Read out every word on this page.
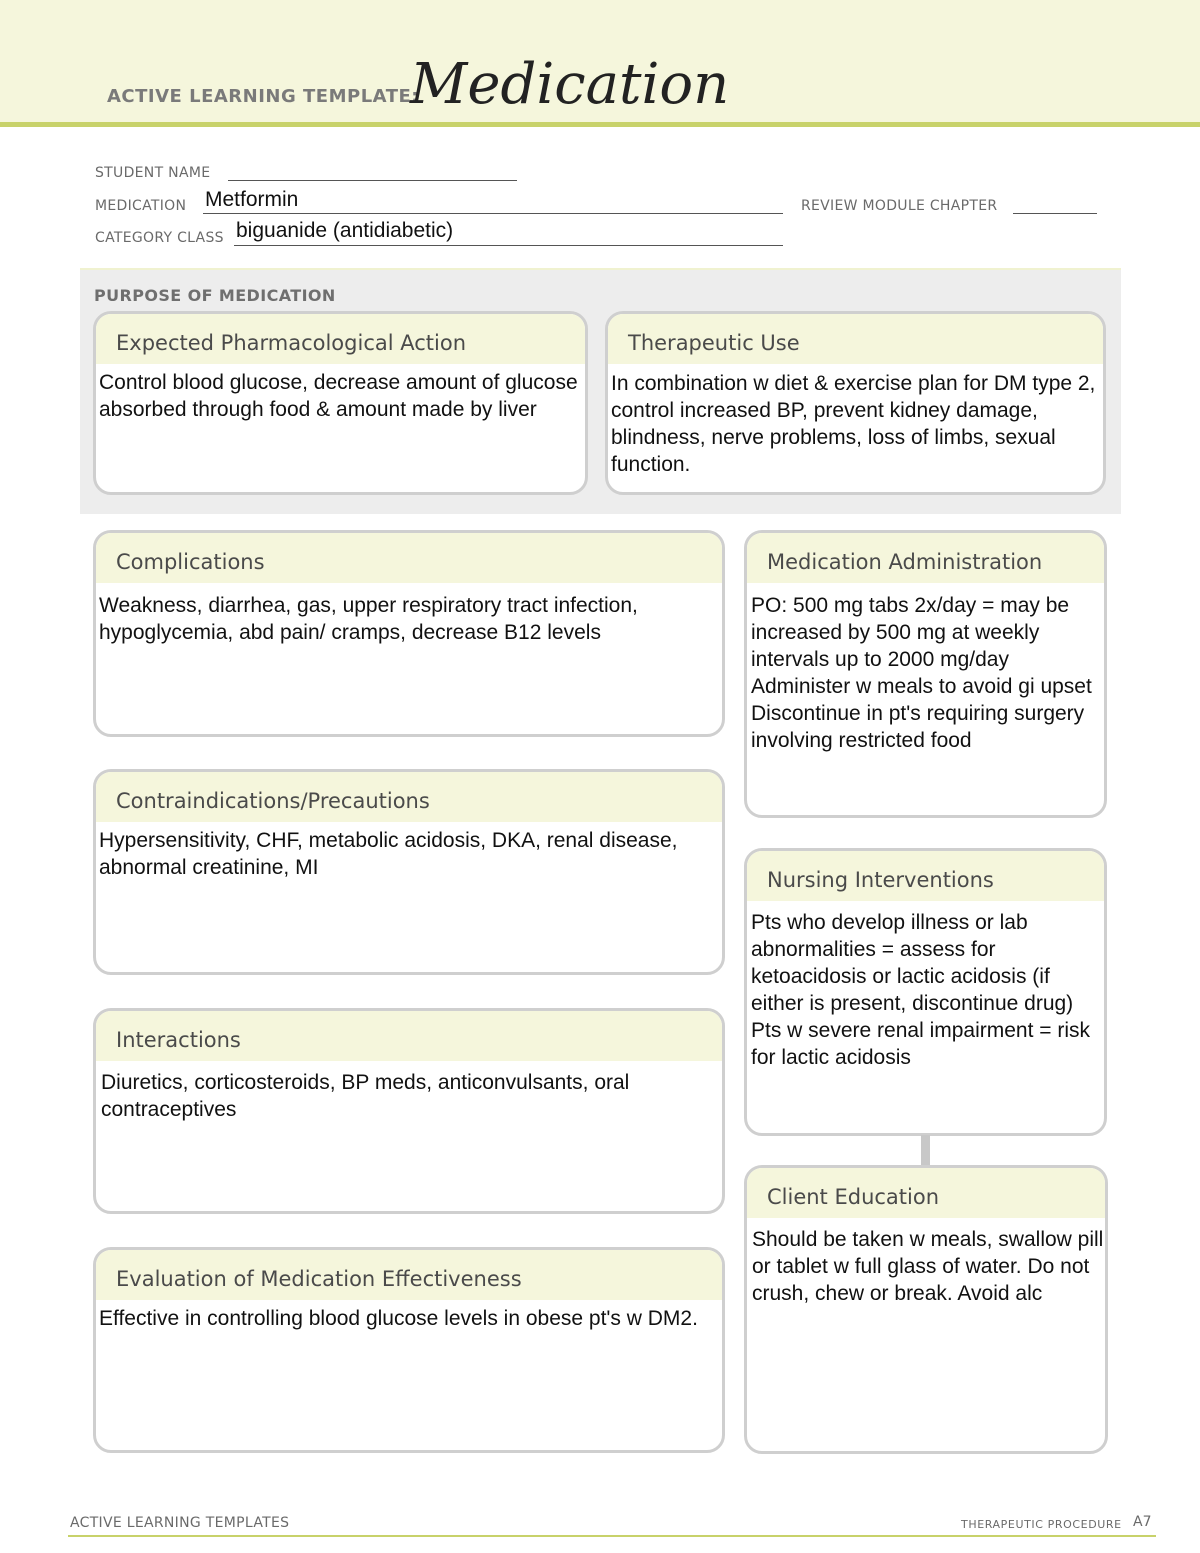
ACTIVE LEARNING TEMPLATE:
Medication
STUDENT NAME
MEDICATION Metformin	REVIEW MODULE CHAPTER
CATEGORY CLASS biguanide (antidiabetic)
PURPOSE OF MEDICATION
Expected Pharmacological Action
Control blood glucose, decrease amount of glucose absorbed through food & amount made by liver
Therapeutic Use
In combination w diet & exercise plan for DM type 2, control increased BP, prevent kidney damage, blindness, nerve problems, loss of limbs, sexual function.
Complications
Weakness, diarrhea, gas, upper respiratory tract infection, hypoglycemia, abd pain/ cramps, decrease B12 levels
Contraindications/Precautions
Hypersensitivity, CHF, metabolic acidosis, DKA, renal disease, abnormal creatinine, MI
Interactions
Diuretics, corticosteroids, BP meds, anticonvulsants, oral contraceptives
Evaluation of Medication Effectiveness
Effective in controlling blood glucose levels in obese pt's w DM2.
Medication Administration
PO: 500 mg tabs 2x/day = may be increased by 500 mg at weekly intervals up to 2000 mg/day
Administer w meals to avoid gi upset
Discontinue in pt's requiring surgery involving restricted food
Nursing Interventions
Pts who develop illness or lab abnormalities = assess for ketoacidosis or lactic acidosis (if either is present, discontinue drug)
Pts w severe renal impairment = risk for lactic acidosis
Client Education
Should be taken w meals, swallow pill or tablet w full glass of water. Do not crush, chew or break. Avoid alc
ACTIVE LEARNING TEMPLATES	THERAPEUTIC PROCEDURE A7
